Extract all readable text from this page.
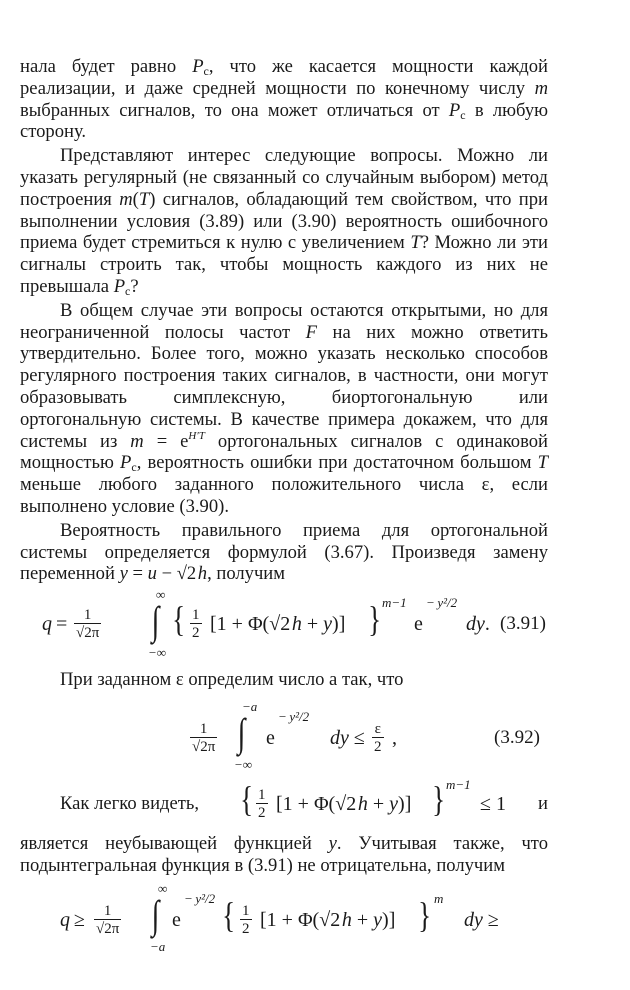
нала будет равно $P_с$, что же касается мощности каждой реализации, и даже средней мощности по конечному числу m выбранных сигналов, то она может отличаться от $P_с$ в любую сторону.

Представляют интерес следующие вопросы. Можно ли указать регулярный (не связанный со случайным выбором) метод построения m(T) сигналов, обладающий тем свойством, что при выполнении условия (3.89) или (3.90) вероятность ошибочного приема будет стремиться к нулю с увеличением T? Можно ли эти сигналы строить так, чтобы мощность каждого из них не превышала $P_с$?

В общем случае эти вопросы остаются открытыми, но для неограниченной полосы частот F на них можно ответить утвердительно. Более того, можно указать несколько способов регулярного построения таких сигналов, в частности, они могут образовывать симплексную, биортогональную или ортогональную системы. В качестве примера докажем, что для системы из $m = e^{H'T}$ ортогональных сигналов с одинаковой мощностью $P_с$, вероятность ошибки при достаточном большом T меньше любого заданного положительного числа ε, если выполнено условие (3.90).

Вероятность правильного приема для ортогональной системы определяется формулой (3.67). Произведя замену переменной y = u − √2 h, получим

$q = \frac{1}{√2\pi}$
∞
∫
−∞
{ $\frac{1}{2} [1 + \Phi(√2$ h + y)] } m−1
e
− y²/2
dy. (3.91)

При заданном ε определим число a так, что

$\frac{1}{√2\pi}$
−a
∫
−∞
e
− y²/2
dy ≤ $\frac{\varepsilon}{2}$ ,	(3.92)
Как легко видеть, { $\frac{1}{2} [1 + \Phi(√2$ h + y)] } m−1
≤ 1 и

является неубывающей функцией y. Учитывая также, что подынтегральная функция в (3.91) не отрицательна, получим

$q \ge \frac{1}{√2\pi}$
∞
∫
−a
e
− y²/2 { $\frac{1}{2} [1 + \Phi(√2$ h + y)] } m
dy ≥
